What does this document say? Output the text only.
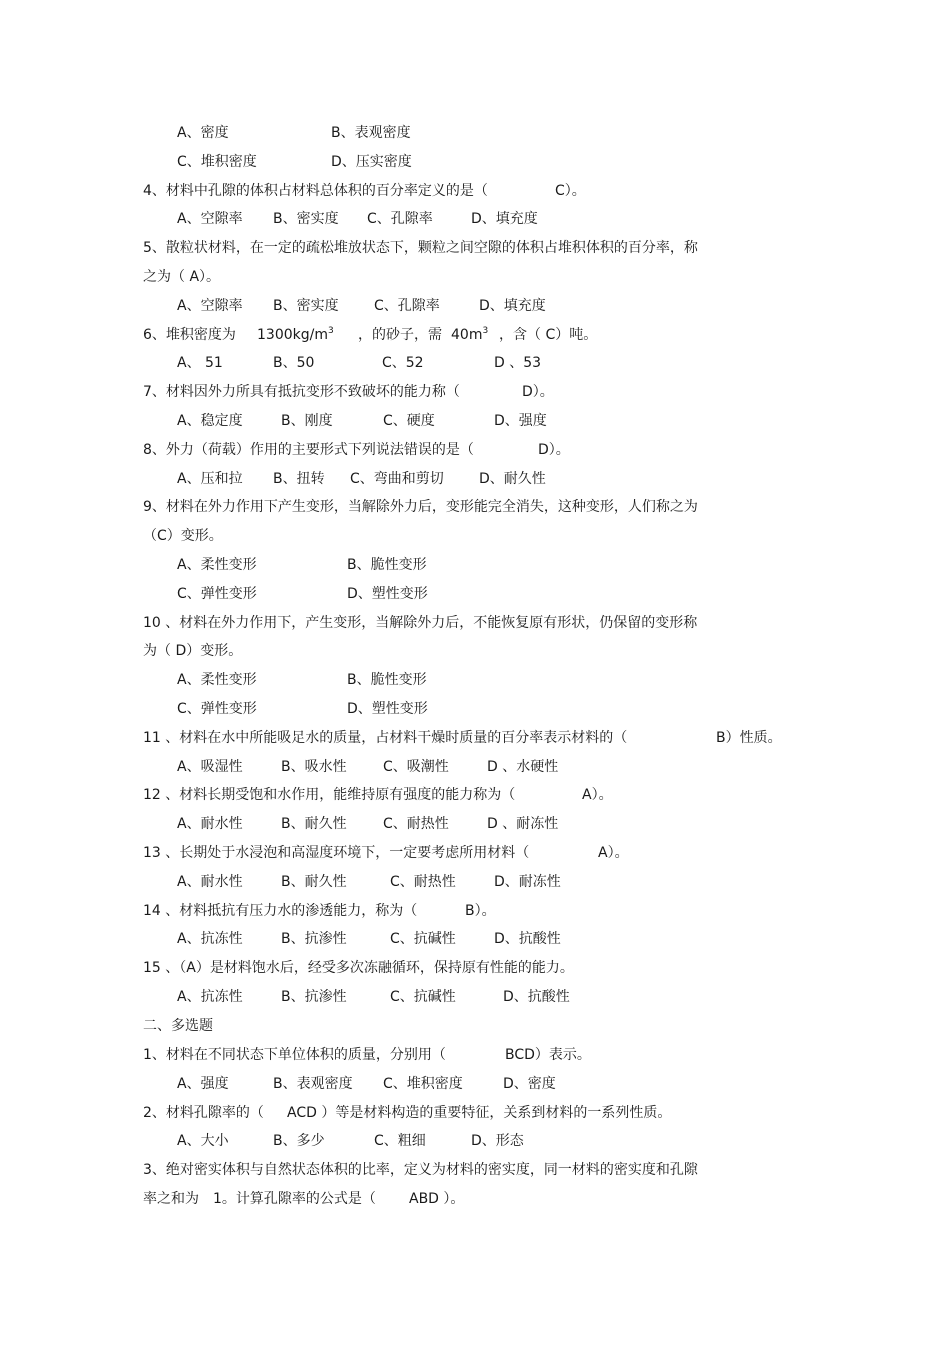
A、密度	B、表观密度
C、堆积密度	D、压实密度
4、材料中孔隙的体积占材料总体积的百分率定义的是（	C）。
A、空隙率 B、密实度 C、孔隙率	D、填充度
5、散粒状材料，在一定的疏松堆放状态下，颗粒之间空隙的体积占堆积体积的百分率，称
之为（ A）。
A、空隙率 B、密实度	C、孔隙率	D、填充度
6、堆积密度为 $1300kg/m^3$ ，的砂子，需 $40m^3$ ，含（ C）吨。
A、 51	B、50	C、52	D 、53
7、材料因外力所具有抵抗变形不致破坏的能力称（	D）。
A、稳定度	B、刚度	C、硬度	D、强度
8、外力（荷载）作用的主要形式下列说法错误的是（	D）。
A、压和拉 B、扭转 C、弯曲和剪切	D、耐久性
9、材料在外力作用下产生变形，当解除外力后，变形能完全消失，这种变形，人们称之为
（C）变形。
A、柔性变形	B、脆性变形
C、弹性变形	D、塑性变形
10 、材料在外力作用下，产生变形，当解除外力后，不能恢复原有形状，仍保留的变形称
为（ D）变形。
A、柔性变形	B、脆性变形
C、弹性变形	D、塑性变形
11 、材料在水中所能吸足水的质量，占材料干燥时质量的百分率表示材料的（	B）性质。
A、吸湿性	B、吸水性	C、吸潮性	D 、水硬性
12 、材料长期受饱和水作用，能维持原有强度的能力称为（	A）。
A、耐水性	B、耐久性	C、耐热性	D 、耐冻性
13 、长期处于水浸泡和高湿度环境下，一定要考虑所用材料（	A）。
A、耐水性	B、耐久性	C、耐热性	D、耐冻性
14 、材料抵抗有压力水的渗透能力，称为（	B）。
A、抗冻性	B、抗渗性	C、抗碱性	D、抗酸性
15 、（A）是材料饱水后，经受多次冻融循环，保持原有性能的能力。
A、抗冻性	B、抗渗性	C、抗碱性	D、抗酸性
二、多选题
1、材料在不同状态下单位体积的质量，分别用（	BCD）表示。
A、强度	B、表观密度 C、堆积密度	D、密度
2、材料孔隙率的（ ACD ）等是材料构造的重要特征，关系到材料的一系列性质。
A、大小	B、多少	C、粗细	D、形态
3、绝对密实体积与自然状态体积的比率，定义为材料的密实度，同一材料的密实度和孔隙
率之和为 1。计算孔隙率的公式是（ ABD ）。
